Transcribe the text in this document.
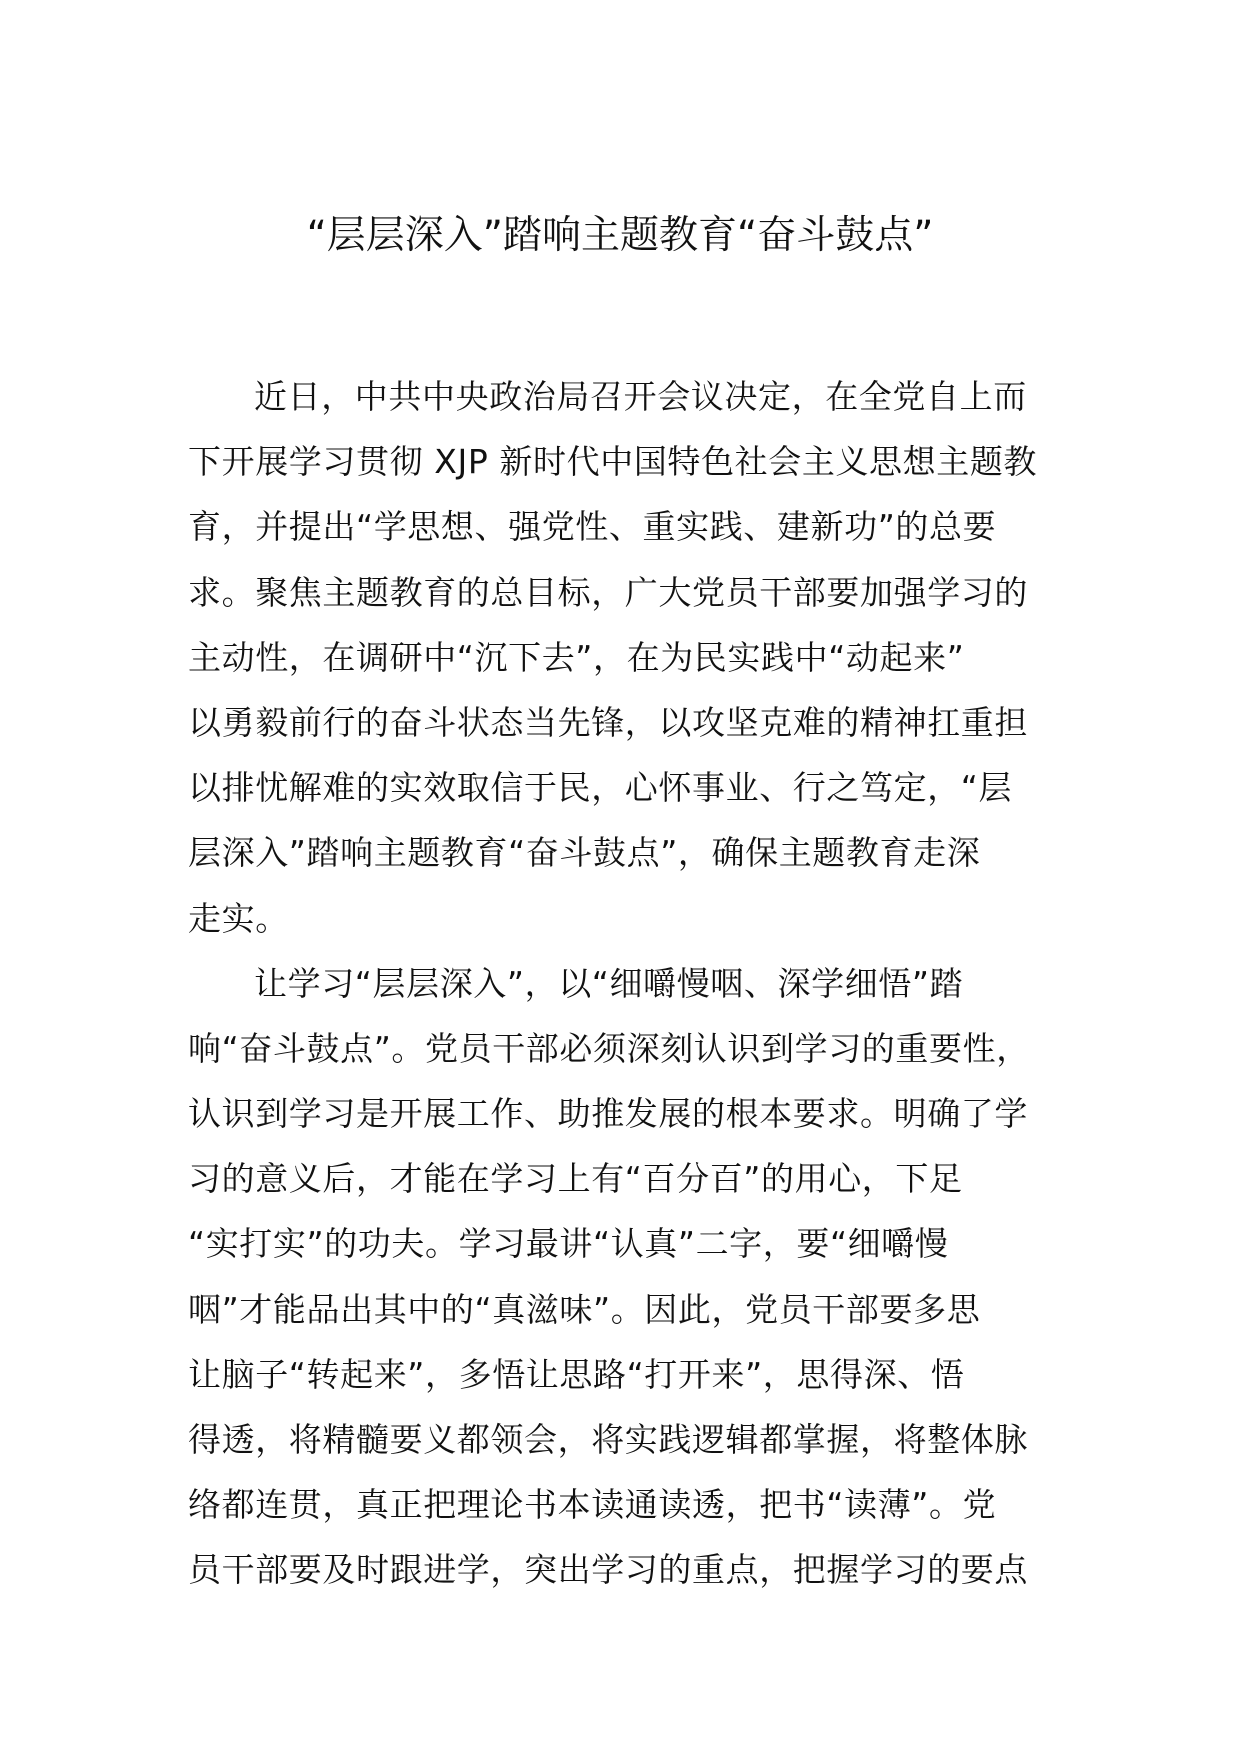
“层层深入”踏响主题教育“奋斗鼓点”
近日，中共中央政治局召开会议决定，在全党自上而
下开展学习贯彻 XJP 新时代中国特色社会主义思想主题教
育，并提出“学思想、强党性、重实践、建新功”的总要
求。聚焦主题教育的总目标，广大党员干部要加强学习的
主动性，在调研中“沉下去”，在为民实践中“动起来”
以勇毅前行的奋斗状态当先锋，以攻坚克难的精神扛重担
以排忧解难的实效取信于民，心怀事业、行之笃定，“层
层深入”踏响主题教育“奋斗鼓点”，确保主题教育走深
走实。
让学习“层层深入”，以“细嚼慢咽、深学细悟”踏
响“奋斗鼓点”。党员干部必须深刻认识到学习的重要性，
认识到学习是开展工作、助推发展的根本要求。明确了学
习的意义后，才能在学习上有“百分百”的用心，下足
“实打实”的功夫。学习最讲“认真”二字，要“细嚼慢
咽”才能品出其中的“真滋味”。因此，党员干部要多思
让脑子“转起来”，多悟让思路“打开来”，思得深、悟
得透，将精髓要义都领会，将实践逻辑都掌握，将整体脉
络都连贯，真正把理论书本读通读透，把书“读薄”。党
员干部要及时跟进学，突出学习的重点，把握学习的要点
